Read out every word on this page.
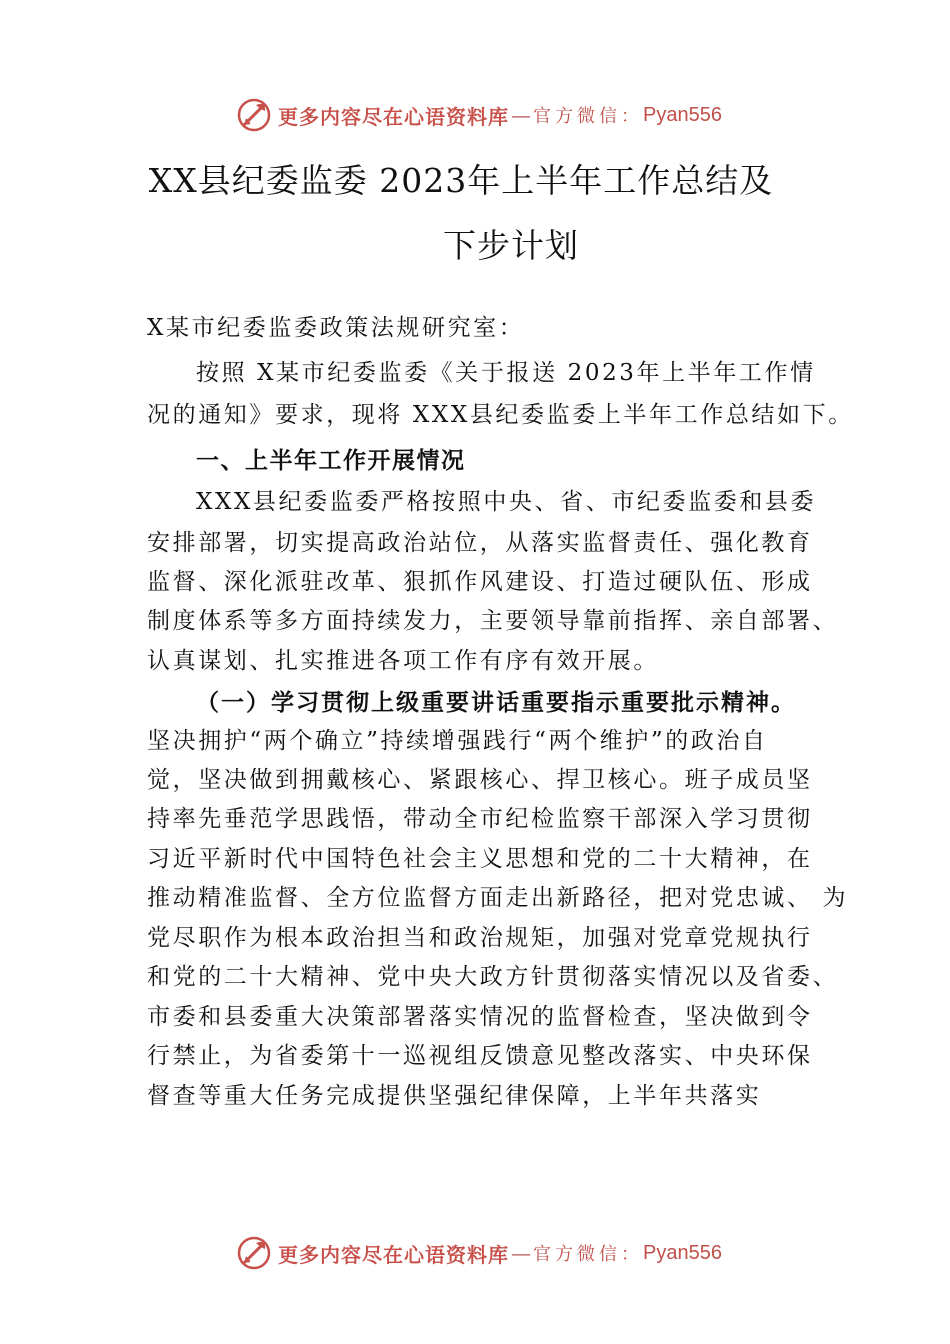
更多内容尽在心语资料库 — 官方微信： Pyan556
XX县纪委监委 2023年上半年工作总结及
下步计划
X某市纪委监委政策法规研究室：
按照 X某市纪委监委《关于报送 2023年上半年工作情
况的通知》要求，现将 XXX县纪委监委上半年工作总结如下。
一、上半年工作开展情况
XXX县纪委监委严格按照中央、省、市纪委监委和县委
安排部署，切实提高政治站位，从落实监督责任、强化教育
监督、深化派驻改革、狠抓作风建设、打造过硬队伍、形成
制度体系等多方面持续发力，主要领导靠前指挥、亲自部署、
认真谋划、扎实推进各项工作有序有效开展。
（一）学习贯彻上级重要讲话重要指示重要批示精神。
坚决拥护“两个确立”持续增强践行“两个维护”的政治自
觉，坚决做到拥戴核心、紧跟核心、捍卫核心。班子成员坚
持率先垂范学思践悟，带动全市纪检监察干部深入学习贯彻
习近平新时代中国特色社会主义思想和党的二十大精神，在
推动精准监督、全方位监督方面走出新路径，把对党忠诚、 为
党尽职作为根本政治担当和政治规矩，加强对党章党规执行
和党的二十大精神、党中央大政方针贯彻落实情况以及省委、
市委和县委重大决策部署落实情况的监督检查，坚决做到令
行禁止，为省委第十一巡视组反馈意见整改落实、中央环保
督查等重大任务完成提供坚强纪律保障，上半年共落实
更多内容尽在心语资料库 — 官方微信： Pyan556
